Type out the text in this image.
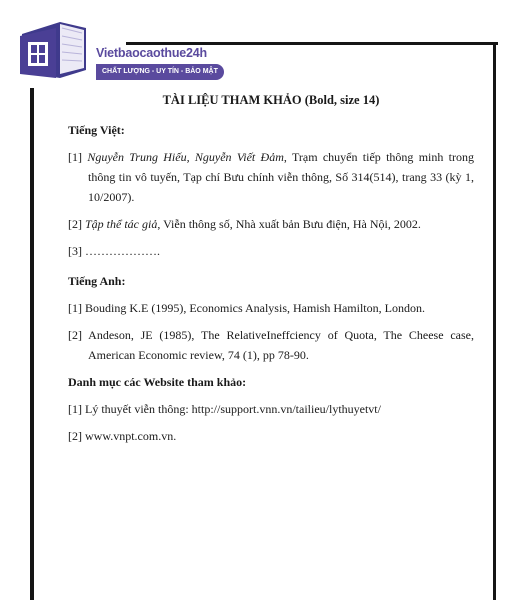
Vietbaocaothue24h
CHẤT LƯỢNG - UY TÍN - BẢO MẬT
TÀI LIỆU THAM KHẢO (Bold, size 14)
Tiếng Việt:
[1] Nguyễn Trung Hiếu, Nguyễn Viết Đảm, Trạm chuyển tiếp thông minh trong thông tin vô tuyến, Tạp chí Bưu chính viễn thông, Số 314(514), trang 33 (kỳ 1, 10/2007).
[2] Tập thể tác giả, Viễn thông số, Nhà xuất bản Bưu điện, Hà Nội, 2002.
[3] ……………….
Tiếng Anh:
[1] Bouding K.E (1995), Economics Analysis, Hamish Hamilton, London.
[2] Andeson, JE (1985), The RelativeIneffciency of Quota, The Cheese case, American Economic review, 74 (1), pp 78-90.
Danh mục các Website tham khảo:
[1] Lý thuyết viễn thông: http://support.vnn.vn/tailieu/lythuyetvt/
[2] www.vnpt.com.vn.
